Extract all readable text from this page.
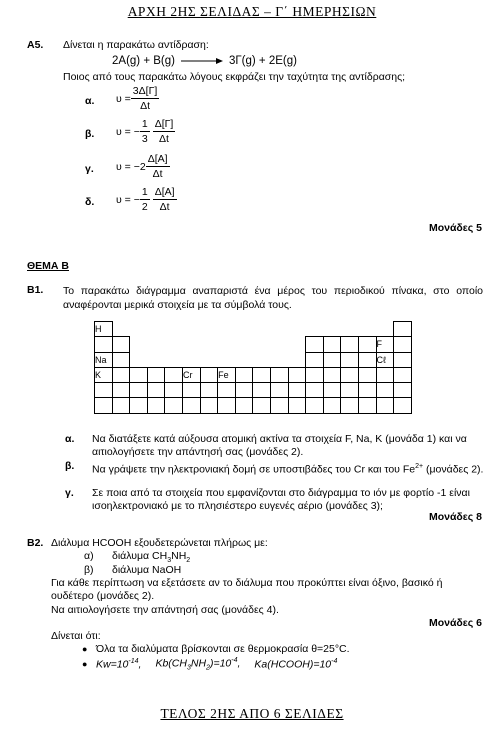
ΑΡΧΗ 2ΗΣ ΣΕΛΙΔΑΣ – Γ΄ ΗΜΕΡΗΣΙΩΝ
Α5. Δίνεται η παρακάτω αντίδραση:
2A(g) + B(g) → 3Γ(g) + 2E(g)
Ποιος από τους παρακάτω λόγους εκφράζει την ταχύτητα της αντίδρασης;
α. $\upsilon = \frac{3\Delta[\Gamma]}{\Delta t}$
β. υ = − $\frac{1}{3} \frac{\Delta[\Gamma]}{\Delta t}$
γ. $\upsilon = -2 \frac{\Delta[A]}{\Delta t}$
δ. υ = − $\frac{1}{2} \frac{\Delta[A]}{\Delta t}$
Μονάδες 5
ΘΕΜΑ Β
Β1. Το παρακάτω διάγραμμα αναπαριστά ένα μέρος του περιοδικού πίνακα, στο οποίο αναφέρονται μερικά στοιχεία με τα σύμβολά τους.
H																	
																F	
Na																Cℓ	
K					Cr		Fe										

α. Να διατάξετε κατά αύξουσα ατομική ακτίνα τα στοιχεία F, Na, K (μονάδα 1) και να αιτιολογήσετε την απάντησή σας (μονάδες 2).
β. Να γράψετε την ηλεκτρονιακή δομή σε υποστιβάδες του Cr και του $Fe^{2+}$ (μονάδες 2).
γ. Σε ποια από τα στοιχεία που εμφανίζονται στο διάγραμμα το ιόν με φορτίο -1 είναι ισοηλεκτρονιακό με το πλησιέστερο ευγενές αέριο (μονάδες 3);
Μονάδες 8
Β2. Διάλυμα HCOOH εξουδετερώνεται πλήρως με:
α) διάλυμα $CH_3NH_2$
β) διάλυμα NaOH
Για κάθε περίπτωση να εξετάσετε αν το διάλυμα που προκύπτει είναι όξινο, βασικό ή ουδέτερο (μονάδες 2).
Να αιτιολογήσετε την απάντησή σας (μονάδες 4).
Μονάδες 6
Δίνεται ότι:
● Όλα τα διαλύματα βρίσκονται σε θερμοκρασία θ=25°C.
● $Kw=10^{-14}$, $Kb(CH_3NH_2)=10^{-4}$, $Ka(HCOOH)=10^{-4}$
ΤΕΛΟΣ 2ΗΣ ΑΠΟ 6 ΣΕΛΙΔΕΣ
